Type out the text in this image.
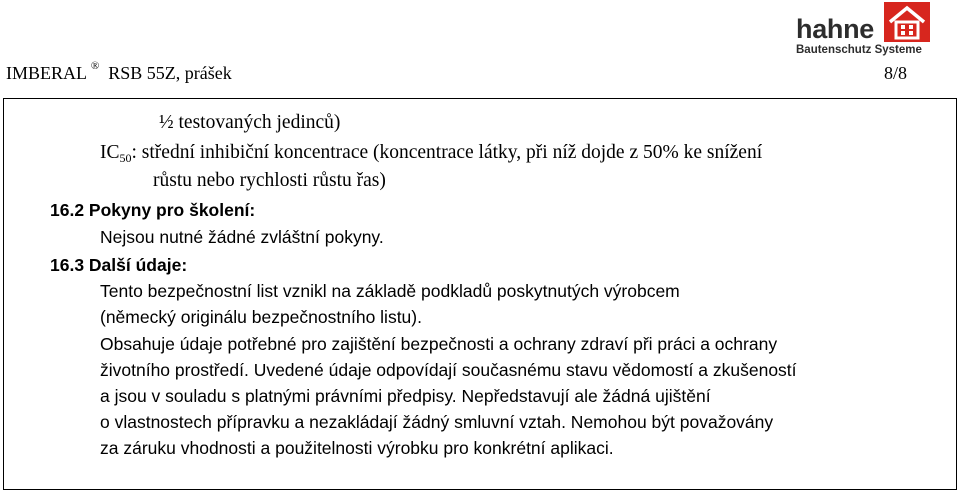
IMBERAL ® RSB 55Z, prášek	8/8
hahne
Bautenschutz Systeme
½ testovaných jedinců)
$IC_{50}$: střední inhibiční koncentrace (koncentrace látky, při níž dojde z 50% ke snížení
růstu nebo rychlosti růstu řas)
16.2 Pokyny pro školení:
Nejsou nutné žádné zvláštní pokyny.
16.3 Další údaje:
Tento bezpečnostní list vznikl na základě podkladů poskytnutých výrobcem
(německý originálu bezpečnostního listu).
Obsahuje údaje potřebné pro zajištění bezpečnosti a ochrany zdraví při práci a ochrany
životního prostředí. Uvedené údaje odpovídají současnému stavu vědomostí a zkušeností
a jsou v souladu s platnými právními předpisy. Nepředstavují ale žádná ujištění
o vlastnostech přípravku a nezakládají žádný smluvní vztah. Nemohou být považovány
za záruku vhodnosti a použitelnosti výrobku pro konkrétní aplikaci.
